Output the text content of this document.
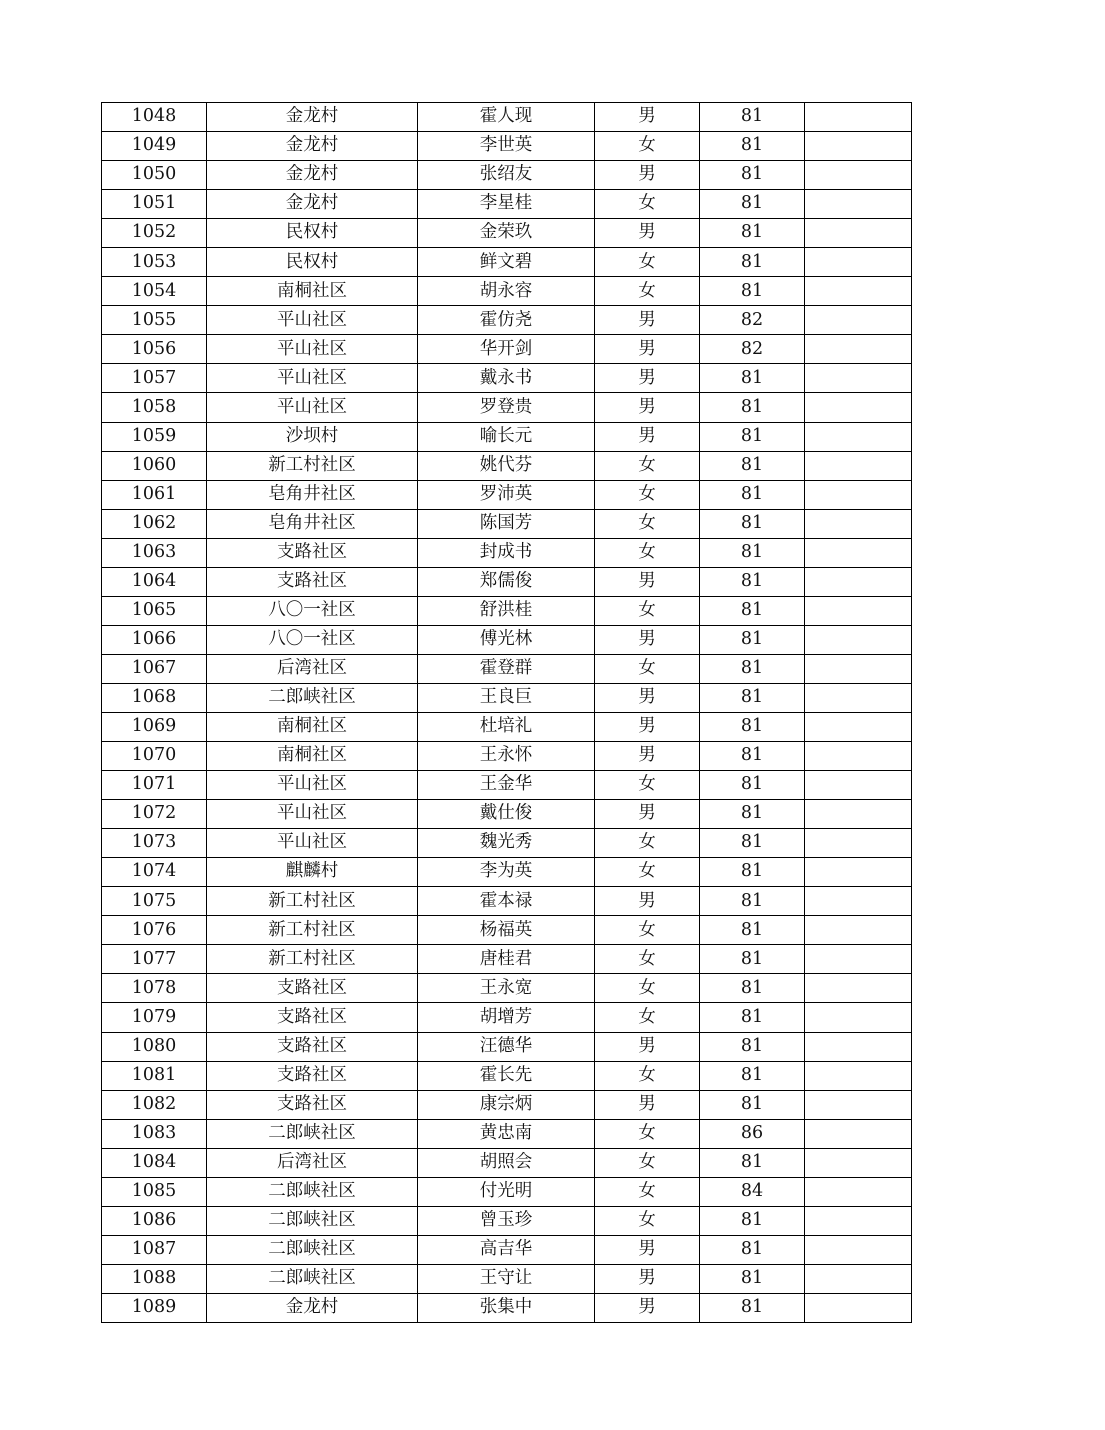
1048	金龙村	霍人现	男	81	
1049	金龙村	李世英	女	81	
1050	金龙村	张绍友	男	81	
1051	金龙村	李星桂	女	81	
1052	民权村	金荣玖	男	81	
1053	民权村	鲜文碧	女	81	
1054	南桐社区	胡永容	女	81	
1055	平山社区	霍仿尧	男	82	
1056	平山社区	华开剑	男	82	
1057	平山社区	戴永书	男	81	
1058	平山社区	罗登贵	男	81	
1059	沙坝村	喻长元	男	81	
1060	新工村社区	姚代芬	女	81	
1061	皂角井社区	罗沛英	女	81	
1062	皂角井社区	陈国芳	女	81	
1063	支路社区	封成书	女	81	
1064	支路社区	郑儒俊	男	81	
1065	八〇一社区	舒洪桂	女	81	
1066	八〇一社区	傅光林	男	81	
1067	后湾社区	霍登群	女	81	
1068	二郎峡社区	王良巨	男	81	
1069	南桐社区	杜培礼	男	81	
1070	南桐社区	王永怀	男	81	
1071	平山社区	王金华	女	81	
1072	平山社区	戴仕俊	男	81	
1073	平山社区	魏光秀	女	81	
1074	麒麟村	李为英	女	81	
1075	新工村社区	霍本禄	男	81	
1076	新工村社区	杨福英	女	81	
1077	新工村社区	唐桂君	女	81	
1078	支路社区	王永宽	女	81	
1079	支路社区	胡增芳	女	81	
1080	支路社区	汪德华	男	81	
1081	支路社区	霍长先	女	81	
1082	支路社区	康宗炳	男	81	
1083	二郎峡社区	黄忠南	女	86	
1084	后湾社区	胡照会	女	81	
1085	二郎峡社区	付光明	女	84	
1086	二郎峡社区	曾玉珍	女	81	
1087	二郎峡社区	高吉华	男	81	
1088	二郎峡社区	王守让	男	81	
1089	金龙村	张集中	男	81	
